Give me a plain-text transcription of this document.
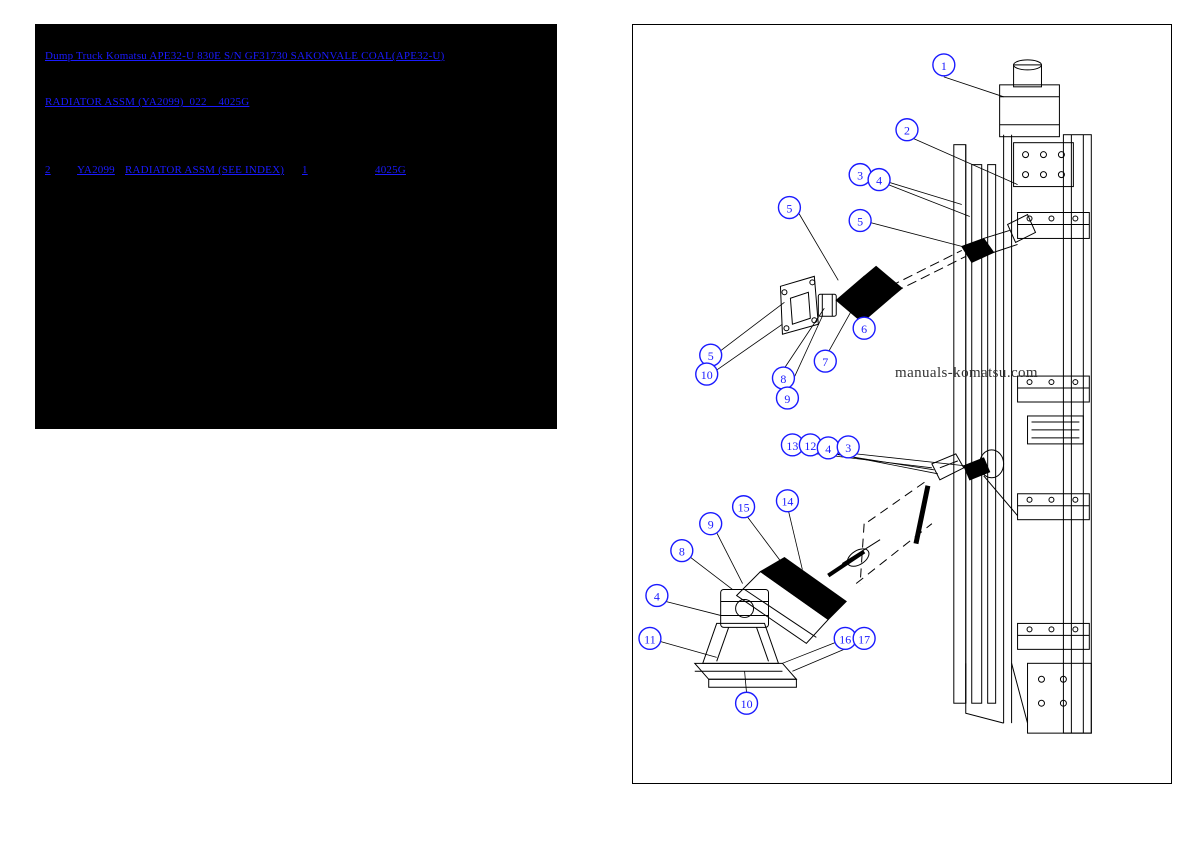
Dump Truck Komatsu APE32-U 830E S/N GF31730 SAKONVALE COAL(APE32-U)
RADIATOR ASSM (YA2099)  022    4025G
2 YA2099 RADIATOR ASSM (SEE INDEX) 1	4025G
1
2
3 4
5
5
6
7
5
10	8
9
13 12 4 3
15	14
9
8
4
11	16 17
10
manuals-komatsu.com
